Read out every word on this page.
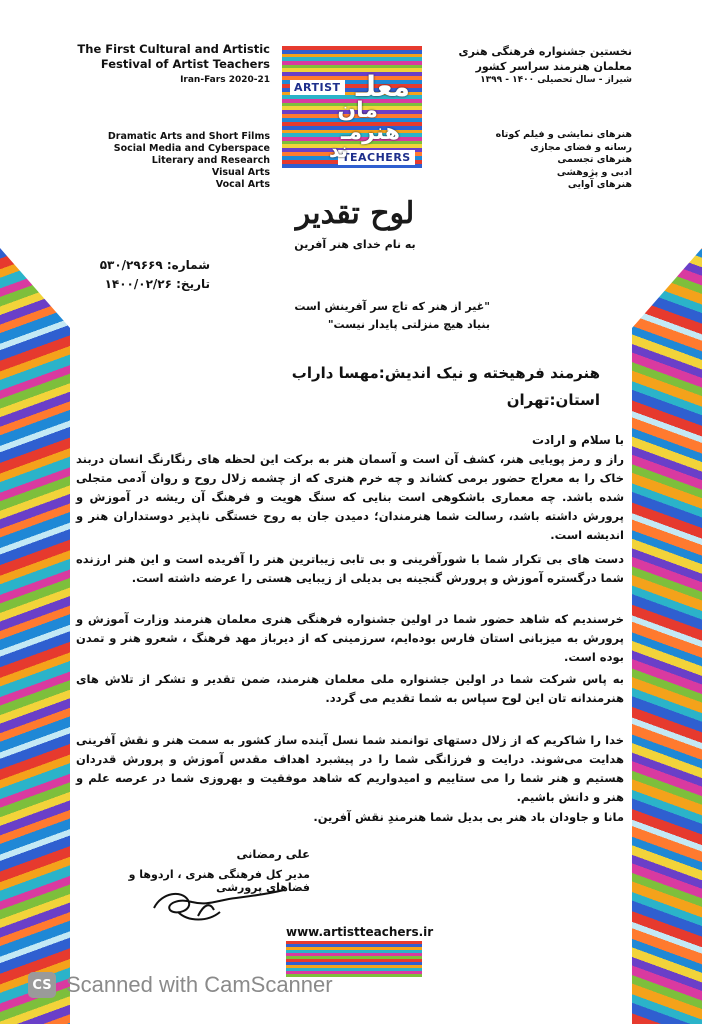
The First Cultural and Artistic
Festival of Artist Teachers
Iran-Fars 2020-21
Dramatic Arts and Short Films
Social Media and Cyberspace
Literary and Research
Visual Arts
Vocal Arts
ARTIST
TEACHERS
معلـ
مان
هنرمـ
ند
نخستین جشنواره فرهنگی هنری
معلمان هنرمند سراسر کشور
شیراز - سال تحصیلی ۱۴۰۰ - ۱۳۹۹
هنرهای نمایشی و فیلم کوتاه
رسانه و فضای مجازی
هنرهای تجسمی
ادبی و پژوهشی
هنرهای آوایی
لوح تقدیر
به نام خدای هنر آفرین
شماره: ۵۳۰/۲۹۶۶۹
تاریخ: ۱۴۰۰/۰۲/۲۶
"غیر از هنر که تاج سر آفرینش است
بنیاد هیچ منزلتی پایدار نیست"
هنرمند فرهیخته و نیک اندیش:مهسا داراب
استان:تهران
با سلام و ارادت
راز و رمز پویایی هنر، کشف آن است و آسمان هنر به برکت این لحظه های رنگارنگ انسان دربند خاک را به معراج حضور برمی کشاند و چه خرم هنری که از چشمه زلال روح و روان آدمی متجلی شده باشد. چه معماری باشکوهی است بنایی که سنگ هویت و فرهنگ آن ریشه در آموزش و پرورش داشته باشد، رسالت شما هنرمندان؛ دمیدن جان به روح خستگی ناپذیر دوستداران هنر و اندیشه است.
دست های بی تکرار شما با شورآفرینی و بی تابی زیباترین هنر را آفریده است و این هنر ارزنده شما درگستره آموزش و پرورش گنجینه بی بدیلی از زیبایی هستی را عرضه داشته است.
خرسندیم که شاهد حضور شما در اولین جشنواره فرهنگی هنری معلمان هنرمند وزارت آموزش و پرورش به میزبانی استان فارس بوده‌ایم، سرزمینی که از دیرباز مهد فرهنگ ، شعرو هنر و تمدن بوده است.
به پاس شرکت شما در اولین جشنواره ملی معلمان هنرمند، ضمن تقدیر و تشکر از تلاش های هنرمندانه تان این لوح سپاس به شما تقدیم می گردد.
خدا را شاکریم که از زلال دستهای توانمند شما نسل آینده ساز کشور به سمت هنر و نقش آفرینی هدایت می‌شوند. درایت و فرزانگی شما را در پیشبرد اهداف مقدس آموزش و پرورش قدردان هستیم و هنر شما را می ستاییم و امیدواریم که شاهد موفقیت و بهروزی شما در عرصه علم و هنر و دانش باشیم.
مانا و جاودان باد هنر بی بدیل شما هنرمندِ نقش آفرین.
علی رمضانی
مدیر کل فرهنگی هنری ، اردوها و فضاهای پرورشی
www.artistteachers.ir
CS Scanned with CamScanner
